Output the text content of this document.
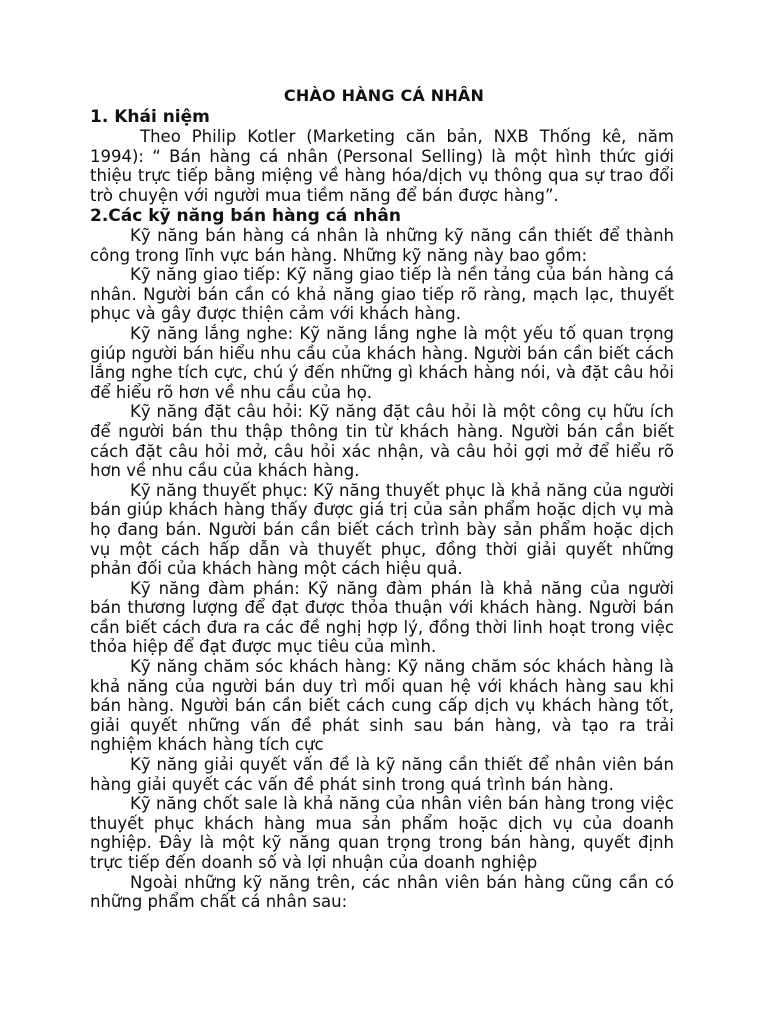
CHÀO HÀNG CÁ NHÂN
1. Khái niệm

Theo Philip Kotler (Marketing căn bản, NXB Thống kê, năm 1994): “ Bán hàng cá nhân (Personal Selling) là một hình thức giới thiệu trực tiếp bằng miệng về hàng hóa/dịch vụ thông qua sự trao đổi trò chuyện với người mua tiềm năng để bán được hàng”.

2.Các kỹ năng bán hàng cá nhân

Kỹ năng bán hàng cá nhân là những kỹ năng cần thiết để thành công trong lĩnh vực bán hàng. Những kỹ năng này bao gồm:

Kỹ năng giao tiếp: Kỹ năng giao tiếp là nền tảng của bán hàng cá nhân. Người bán cần có khả năng giao tiếp rõ ràng, mạch lạc, thuyết phục và gây được thiện cảm với khách hàng.

Kỹ năng lắng nghe: Kỹ năng lắng nghe là một yếu tố quan trọng giúp người bán hiểu nhu cầu của khách hàng. Người bán cần biết cách lắng nghe tích cực, chú ý đến những gì khách hàng nói, và đặt câu hỏi để hiểu rõ hơn về nhu cầu của họ.

Kỹ năng đặt câu hỏi: Kỹ năng đặt câu hỏi là một công cụ hữu ích để người bán thu thập thông tin từ khách hàng. Người bán cần biết cách đặt câu hỏi mở, câu hỏi xác nhận, và câu hỏi gợi mở để hiểu rõ hơn về nhu cầu của khách hàng.

Kỹ năng thuyết phục: Kỹ năng thuyết phục là khả năng của người bán giúp khách hàng thấy được giá trị của sản phẩm hoặc dịch vụ mà họ đang bán. Người bán cần biết cách trình bày sản phẩm hoặc dịch vụ một cách hấp dẫn và thuyết phục, đồng thời giải quyết những phản đối của khách hàng một cách hiệu quả.

Kỹ năng đàm phán: Kỹ năng đàm phán là khả năng của người bán thương lượng để đạt được thỏa thuận với khách hàng. Người bán cần biết cách đưa ra các đề nghị hợp lý, đồng thời linh hoạt trong việc thỏa hiệp để đạt được mục tiêu của mình.

Kỹ năng chăm sóc khách hàng: Kỹ năng chăm sóc khách hàng là khả năng của người bán duy trì mối quan hệ với khách hàng sau khi bán hàng. Người bán cần biết cách cung cấp dịch vụ khách hàng tốt, giải quyết những vấn đề phát sinh sau bán hàng, và tạo ra trải nghiệm khách hàng tích cực

Kỹ năng giải quyết vấn đề là kỹ năng cần thiết để nhân viên bán hàng giải quyết các vấn đề phát sinh trong quá trình bán hàng.

Kỹ năng chốt sale là khả năng của nhân viên bán hàng trong việc thuyết phục khách hàng mua sản phẩm hoặc dịch vụ của doanh nghiệp. Đây là một kỹ năng quan trọng trong bán hàng, quyết định trực tiếp đến doanh số và lợi nhuận của doanh nghiệp

Ngoài những kỹ năng trên, các nhân viên bán hàng cũng cần có những phẩm chất cá nhân sau:
